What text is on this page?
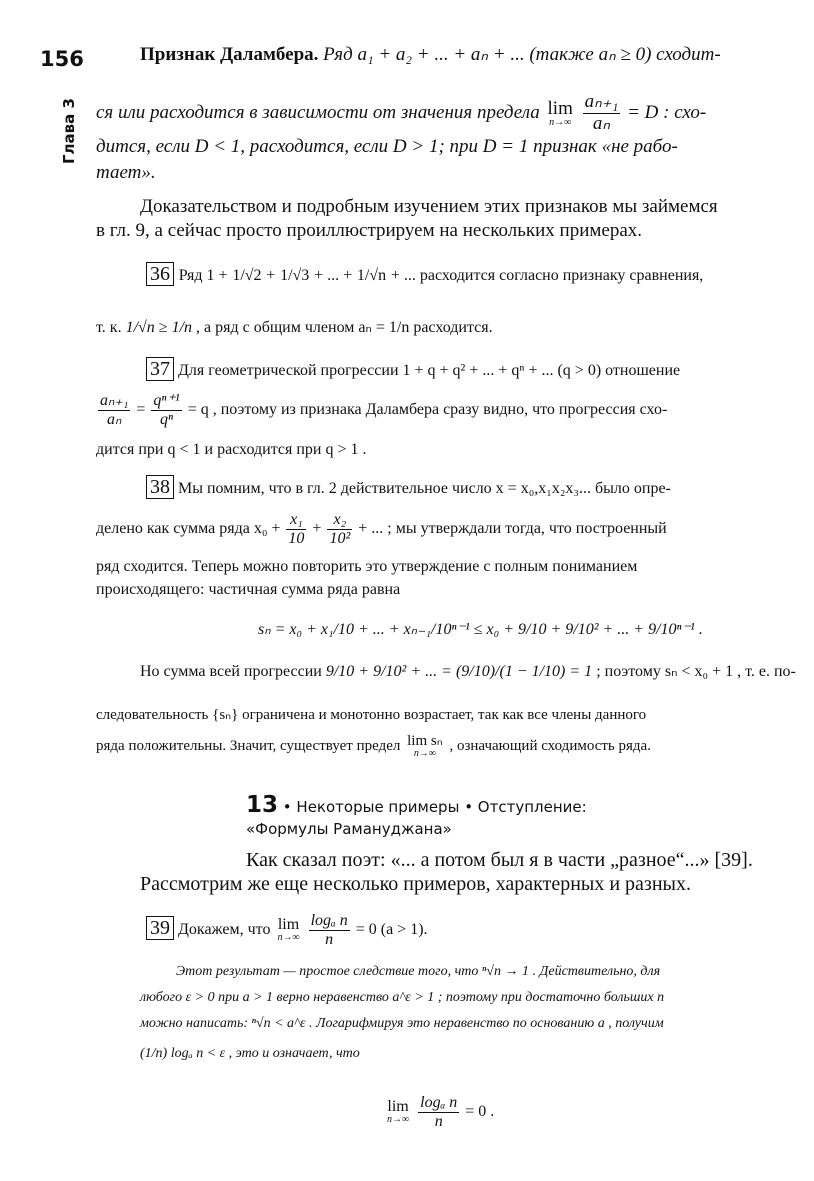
156
Глава 3
Признак Даламбера. Ряд a₁ + a₂ + ... + aₙ + ... (также aₙ ≥ 0) сходит-
ся или расходится в зависимости от значения предела lim
n→∞
$\frac{\text{aₙ₊₁}}{\text{aₙ}} = D$ : схо-
дится, если D < 1, расходится, если D > 1; при D = 1 признак «не рабо-
тает».
Доказательством и подробным изучением этих признаков мы займемся
в гл. 9, а сейчас просто проиллюстрируем на нескольких примерах.
36 Ряд 1 + 1/√2 + 1/√3 + ... + 1/√n + ... расходится согласно признаку сравнения,
т. к. 1/√n ≥ 1/n , а ряд с общим членом aₙ = 1/n расходится.
37 Для геометрической прогрессии 1 + q + q² + ... + qⁿ + ... (q > 0) отношение
$\frac{\text{aₙ₊₁}}{\text{aₙ}} = \frac{\text{qⁿ⁺¹}}{\text{qⁿ}} = q$ , поэтому из признака Даламбера сразу видно, что прогрессия схо-
дится при q < 1 и расходится при q > 1 .
38 Мы помним, что в гл. 2 действительное число x = x₀,x₁x₂x₃... было опре-
делено как сумма ряда $x_0 + \frac{\text{x₁}}{10} + \frac{\text{x₂}}{\text{10²}}$ + ... ; мы утверждали тогда, что построенный
ряд сходится. Теперь можно повторить это утверждение с полным пониманием
происходящего: частичная сумма ряда равна
sₙ = x₀ + x₁/10 + ... + xₙ₋₁/10ⁿ⁻¹ ≤ x₀ + 9/10 + 9/10² + ... + 9/10ⁿ⁻¹ .
Но сумма всей прогрессии 9/10 + 9/10² + ... = (9/10)/(1 − 1/10) = 1 ; поэтому sₙ < x₀ + 1 , т. е. по-
следовательность {sₙ} ограничена и монотонно возрастает, так как все члены данного
ряда положительны. Значит, существует предел lim sₙ
n→∞ , означающий сходимость ряда.
13 • Некоторые примеры • Отступление:
«Формулы Рамануджана»
Как сказал поэт: «... а потом был я в части „разное“...» [39].
Рассмотрим же еще несколько примеров, характерных и разных.
39 Докажем, что lim
n→∞
$\frac{\text{logₐ n}}{n} = 0$ (a > 1).
Этот результат — простое следствие того, что ⁿ√n → 1 . Действительно, для
любого ε > 0 при a > 1 верно неравенство a^ε > 1 ; поэтому при достаточно больших n
можно написать: ⁿ√n < a^ε . Логарифмируя это неравенство по основанию a , получим
(1/n) logₐ n < ε , это и означает, что
lim
n→∞
$\frac{\text{logₐ n}}{n} = 0$ .
